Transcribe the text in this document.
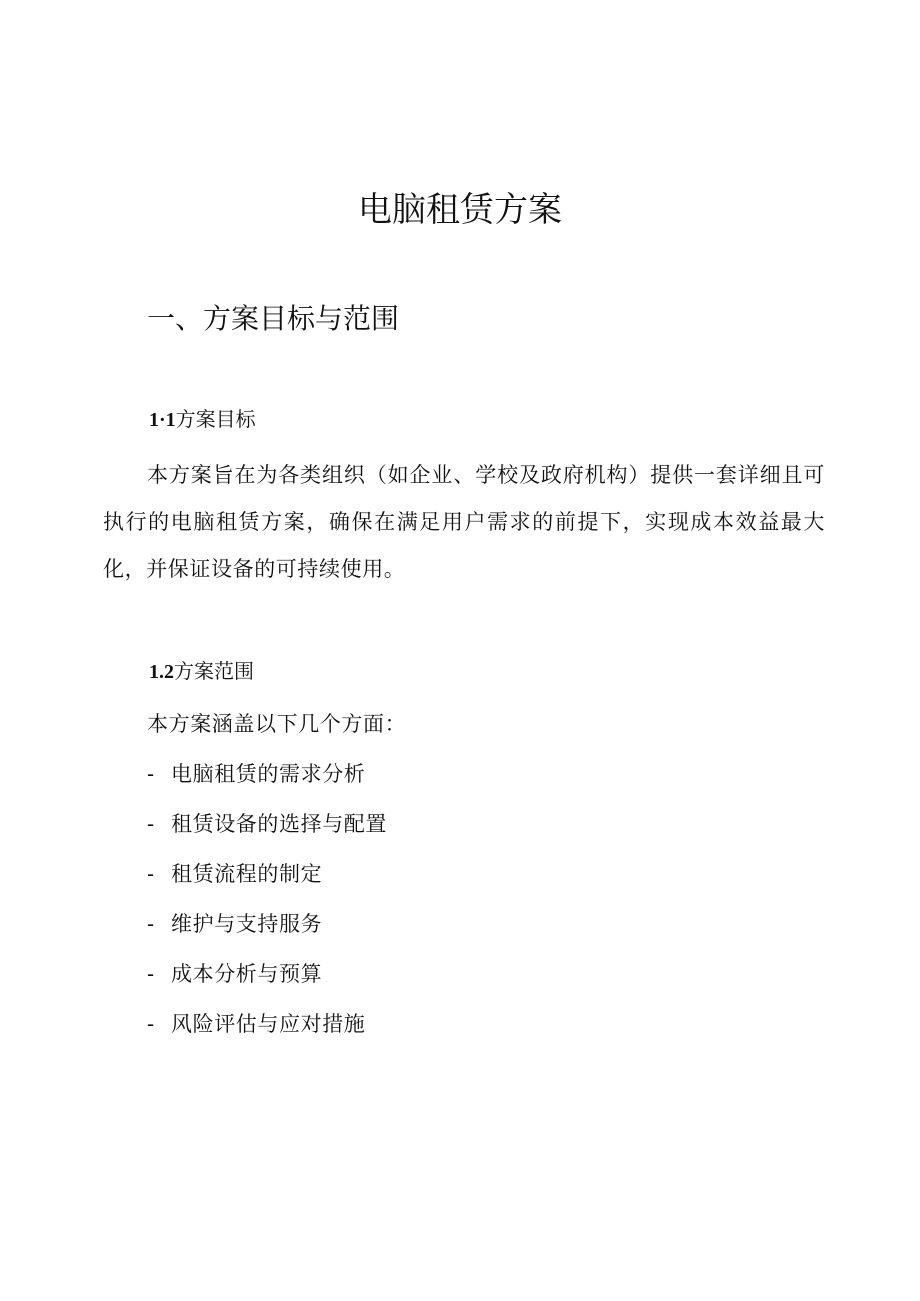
电脑租赁方案
一、方案目标与范围
1·1方案目标

本方案旨在为各类组织（如企业、学校及政府机构）提供一套详细且可执行的电脑租赁方案，确保在满足用户需求的前提下，实现成本效益最大化，并保证设备的可持续使用。

1.2方案范围

本方案涵盖以下几个方面：

- 电脑租赁的需求分析
- 租赁设备的选择与配置
- 租赁流程的制定
- 维护与支持服务
- 成本分析与预算
- 风险评估与应对措施
